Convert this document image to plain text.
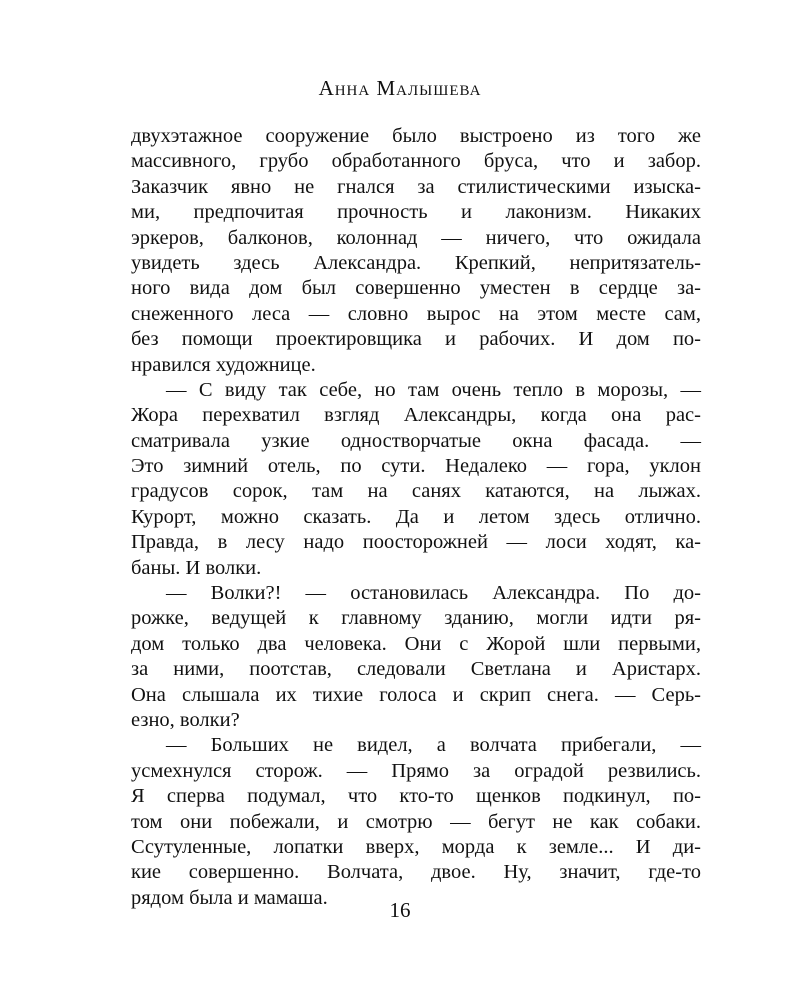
Анна Малышева
двухэтажное сооружение было выстроено из того же
массивного, грубо обработанного бруса, что и забор.
Заказчик явно не гнался за стилистическими изыска-
ми, предпочитая прочность и лаконизм. Никаких
эркеров, балконов, колоннад — ничего, что ожидала
увидеть здесь Александра. Крепкий, непритязатель-
ного вида дом был совершенно уместен в сердце за-
снеженного леса — словно вырос на этом месте сам,
без помощи проектировщика и рабочих. И дом по-
нравился художнице.
— С виду так себе, но там очень тепло в морозы, —
Жора перехватил взгляд Александры, когда она рас-
сматривала узкие одностворчатые окна фасада. —
Это зимний отель, по сути. Недалеко — гора, уклон
градусов сорок, там на санях катаются, на лыжах.
Курорт, можно сказать. Да и летом здесь отлично.
Правда, в лесу надо поосторожней — лоси ходят, ка-
баны. И волки.
— Волки?! — остановилась Александра. По до-
рожке, ведущей к главному зданию, могли идти ря-
дом только два человека. Они с Жорой шли первыми,
за ними, поотстав, следовали Светлана и Аристарх.
Она слышала их тихие голоса и скрип снега. — Серь-
езно, волки?
— Больших не видел, а волчата прибегали, —
усмехнулся сторож. — Прямо за оградой резвились.
Я сперва подумал, что кто-то щенков подкинул, по-
том они побежали, и смотрю — бегут не как собаки.
Ссутуленные, лопатки вверх, морда к земле... И ди-
кие совершенно. Волчата, двое. Ну, значит, где-то
рядом была и мамаша.
16
